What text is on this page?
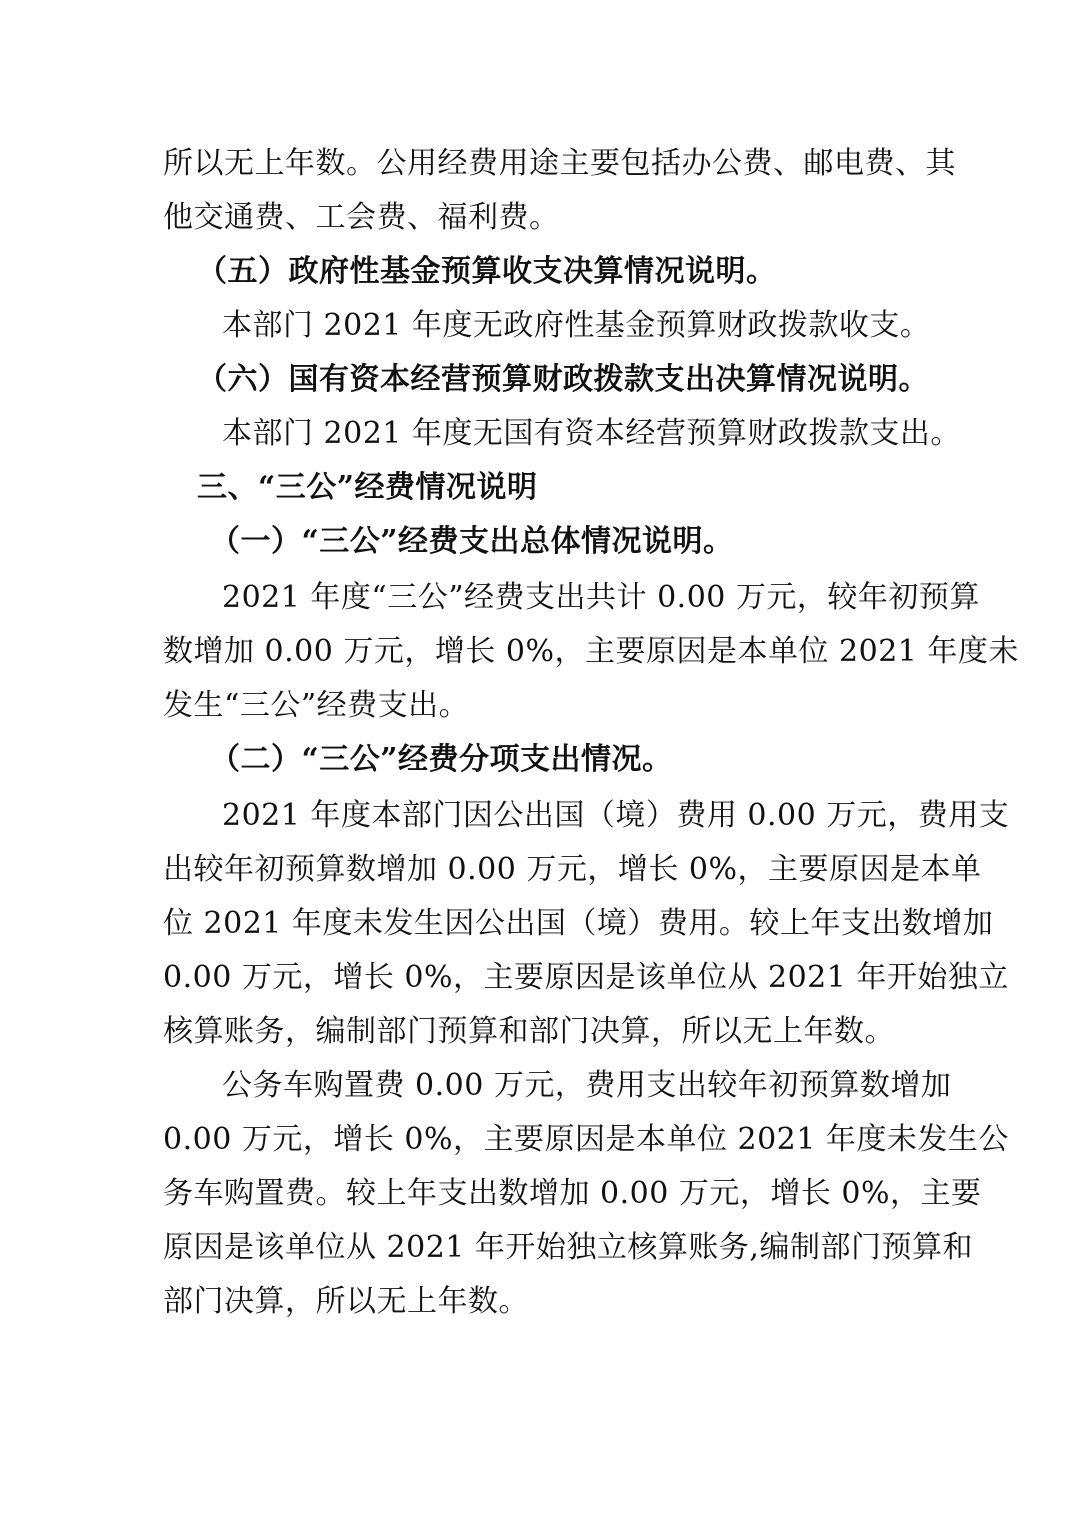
所以无上年数。公用经费用途主要包括办公费、邮电费、其
他交通费、工会费、福利费。
（五）政府性基金预算收支决算情况说明。
本部门 2021 年度无政府性基金预算财政拨款收支。
（六）国有资本经营预算财政拨款支出决算情况说明。
本部门 2021 年度无国有资本经营预算财政拨款支出。
三、“三公”经费情况说明
（一）“三公”经费支出总体情况说明。
2021 年度“三公”经费支出共计 0.00 万元，较年初预算
数增加 0.00 万元，增长 0%，主要原因是本单位 2021 年度未
发生“三公”经费支出。
（二）“三公”经费分项支出情况。
2021 年度本部门因公出国（境）费用 0.00 万元，费用支
出较年初预算数增加 0.00 万元，增长 0%，主要原因是本单
位 2021 年度未发生因公出国（境）费用。较上年支出数增加
0.00 万元，增长 0%，主要原因是该单位从 2021 年开始独立
核算账务，编制部门预算和部门决算，所以无上年数。
公务车购置费 0.00 万元，费用支出较年初预算数增加
0.00 万元，增长 0%，主要原因是本单位 2021 年度未发生公
务车购置费。较上年支出数增加 0.00 万元，增长 0%，主要
原因是该单位从 2021 年开始独立核算账务,编制部门预算和
部门决算，所以无上年数。
